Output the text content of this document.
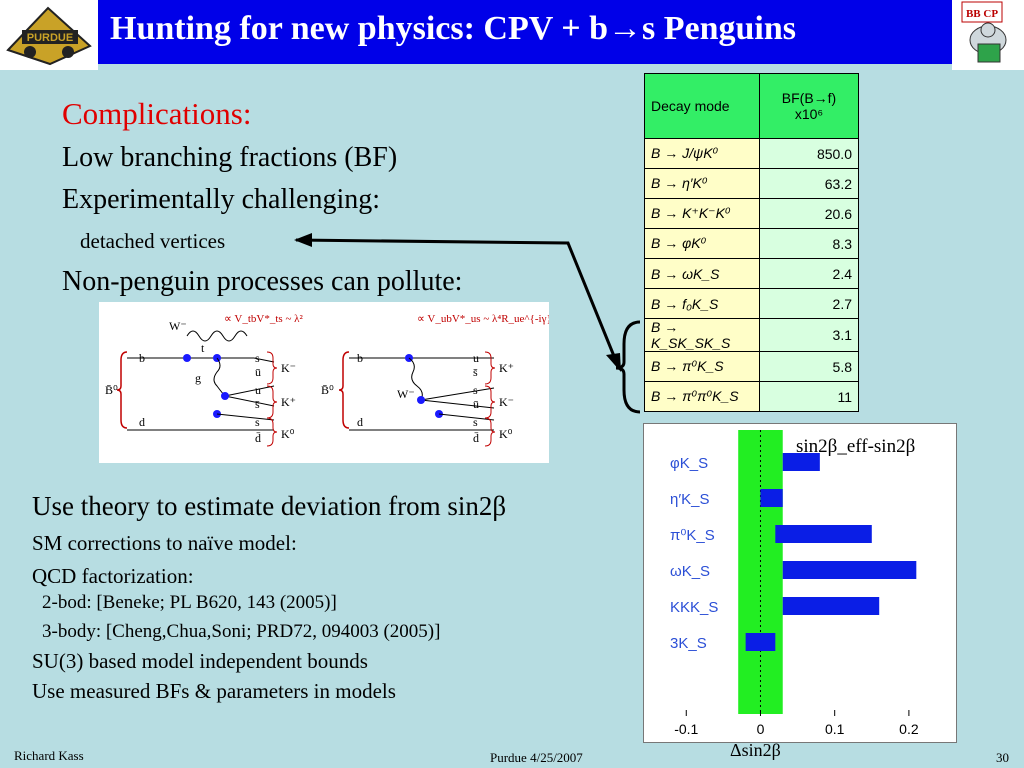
PURDUE Hunting for new physics: CPV + b→s Penguins	BB CP
Complications:
Low branching fractions (BF)
Experimentally challenging:
detached vertices
Non-penguin processes can pollute:
Decay mode	BF(B→f)
x10⁶

B → J/ψK⁰	850.0
B → η′K⁰	63.2
B → K⁺K⁻K⁰	20.6
B → φK⁰	8.3
B → ωK_S	2.4
B → f₀K_S	2.7
B → K_SK_SK_S	3.1
B → π⁰K_S	5.8
B → π⁰π⁰K_S	11
∝ V_tbV*_ts ~ λ²
W⁻
b
t
g
d
B̄⁰
s
ū
u
s̄
s
d̄
K⁻
K⁺
K⁰
∝ V_ubV*_us ~ λ⁴R_ue^{-iγ}
b
d
W⁻
B̄⁰
u
s̄
s
ū
s
d̄
K⁺
K⁻
K⁰
Use theory to estimate deviation from sin2β
SM corrections to naïve model:
QCD factorization:
2-bod: [Beneke; PL B620, 143 (2005)]
3-body: [Cheng,Chua,Soni; PRD72, 094003 (2005)]
SU(3) based model independent bounds
Use measured BFs & parameters in models
φK_S
η′K_S
π⁰K_S
ωK_S
KKK_S
3K_S
-0.1	0	0.1	0.2
sin2β_eff-sin2β
Δsin2β
Richard Kass	Purdue 4/25/2007	30
